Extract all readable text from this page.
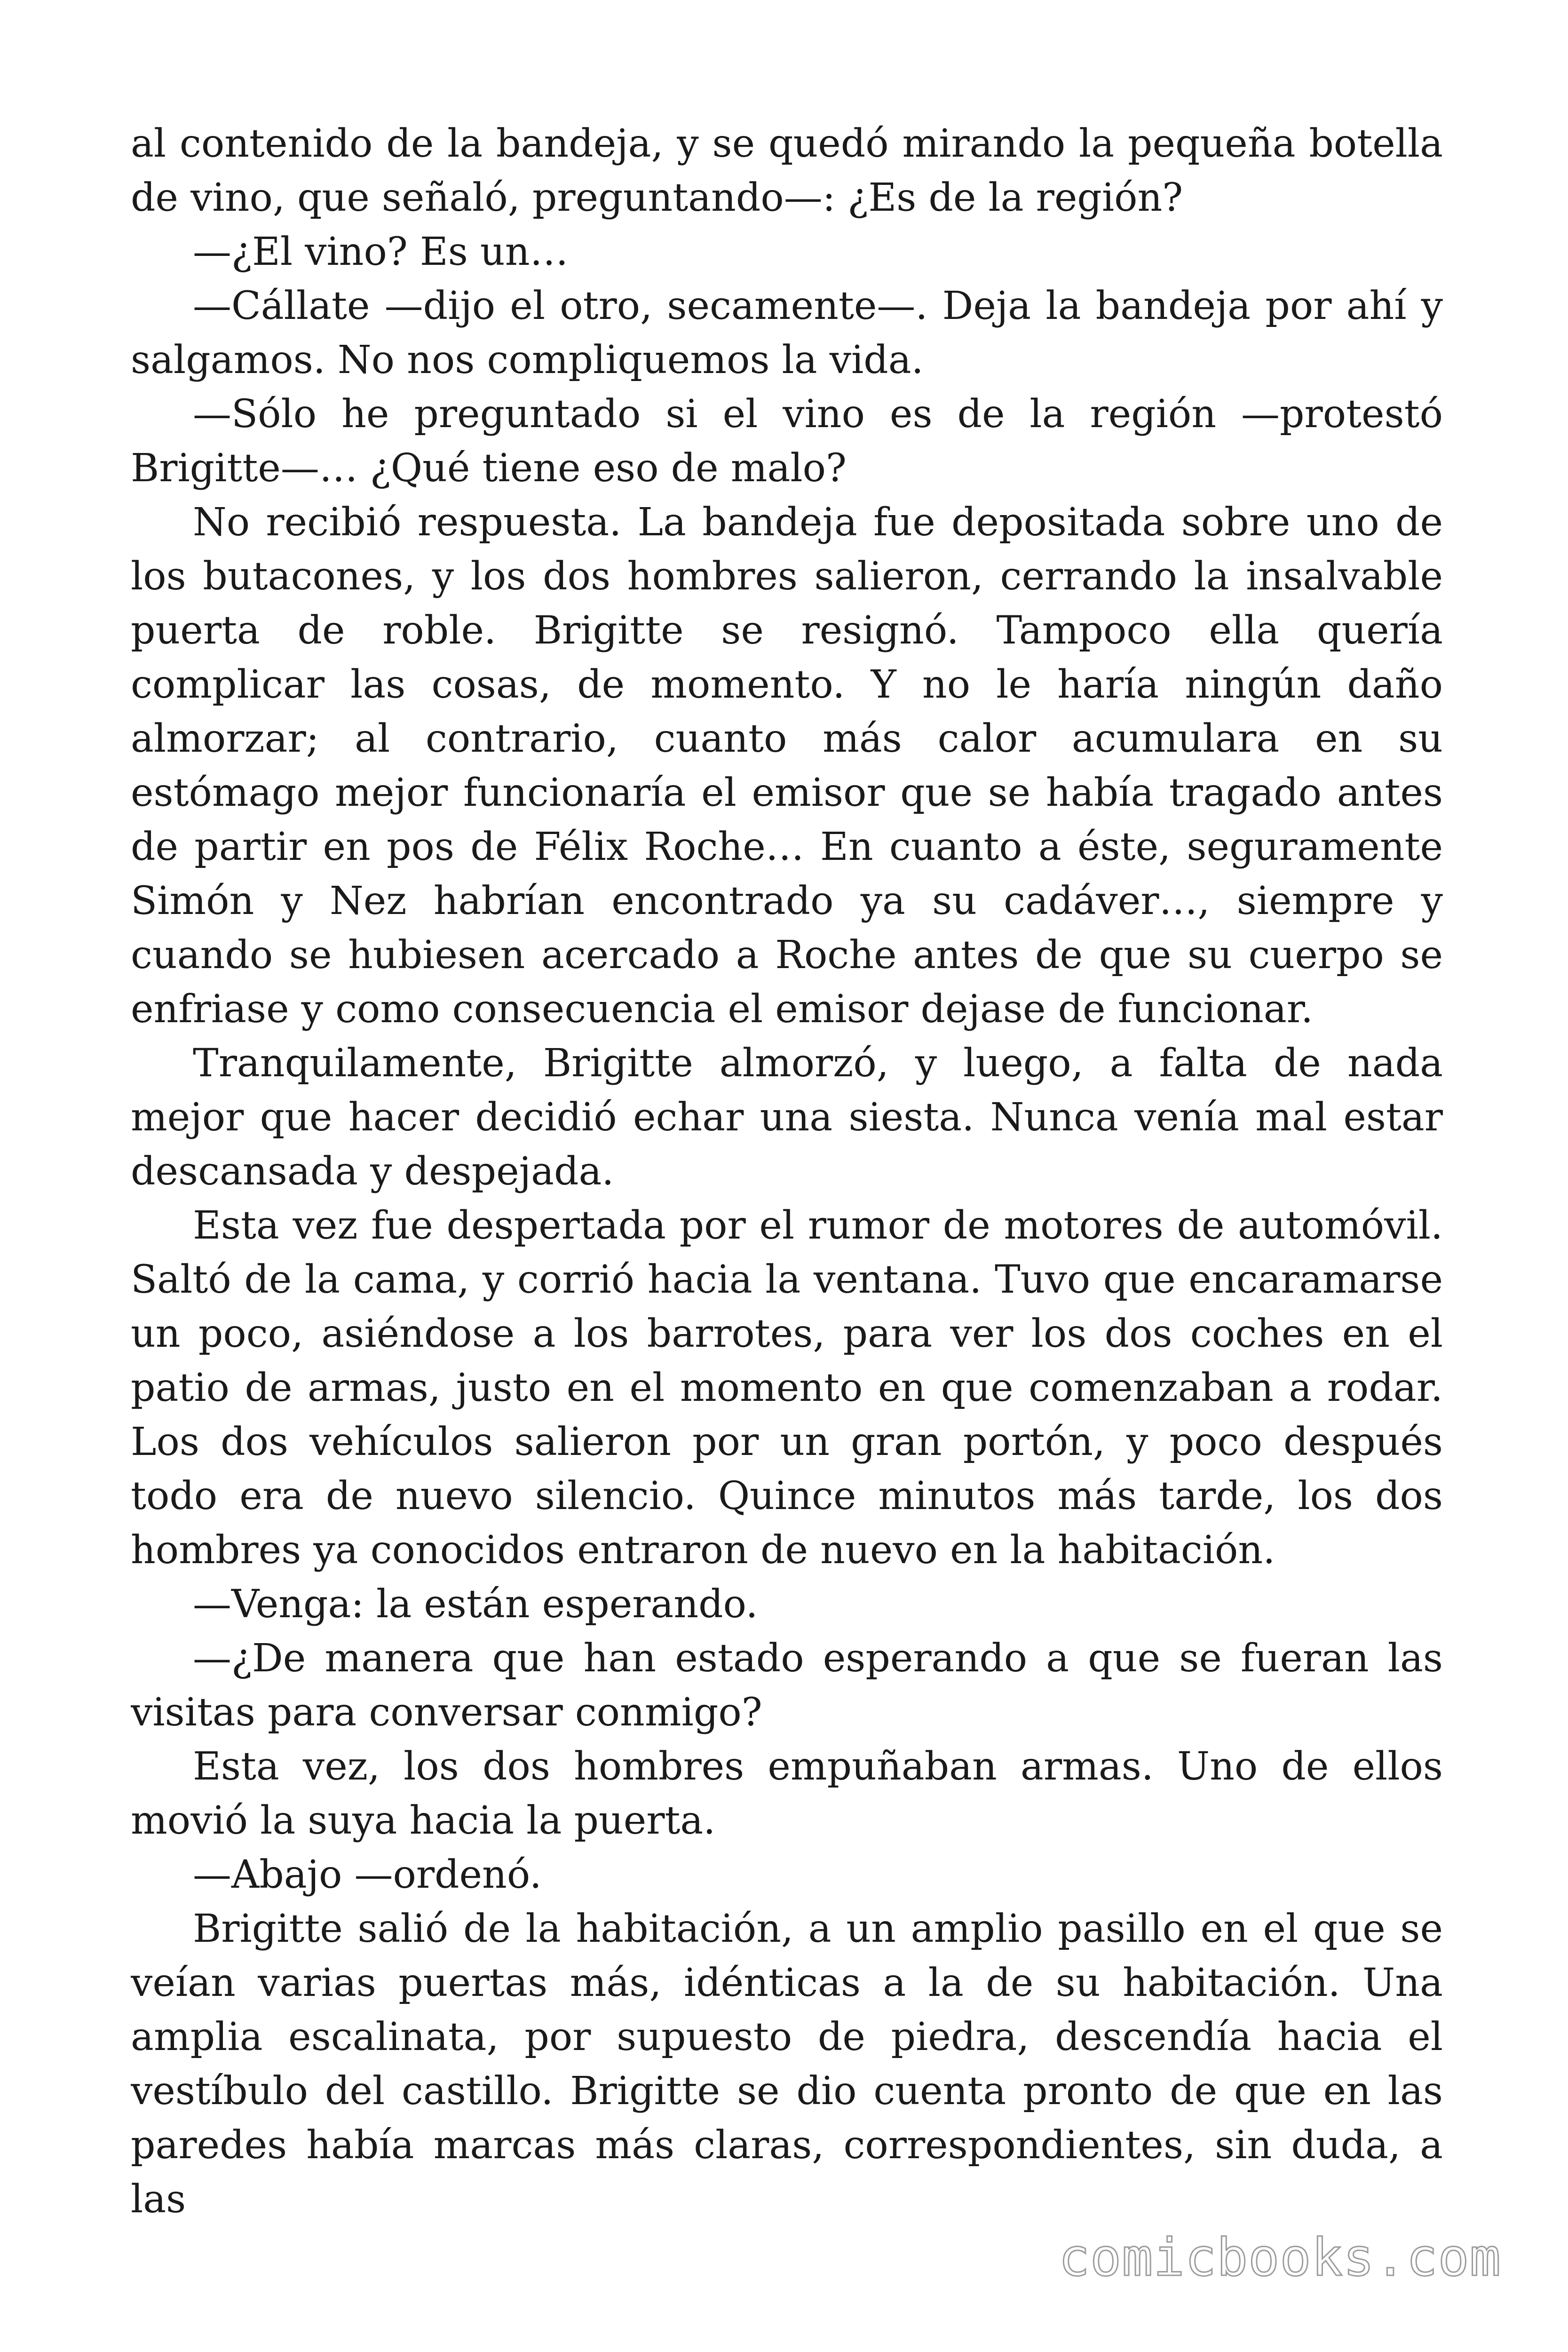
al contenido de la bandeja, y se quedó mirando la pequeña botella de vino, que señaló, preguntando—: ¿Es de la región?

—¿El vino? Es un…

—Cállate —dijo el otro, secamente—. Deja la bandeja por ahí y salgamos. No nos compliquemos la vida.

—Sólo he preguntado si el vino es de la región —protestó Brigitte—… ¿Qué tiene eso de malo?

No recibió respuesta. La bandeja fue depositada sobre uno de los butacones, y los dos hombres salieron, cerrando la insalvable puerta de roble. Brigitte se resignó. Tampoco ella quería complicar las cosas, de momento. Y no le haría ningún daño almorzar; al contrario, cuanto más calor acumulara en su estómago mejor funcionaría el emisor que se había tragado antes de partir en pos de Félix Roche… En cuanto a éste, seguramente Simón y Nez habrían encontrado ya su cadáver…, siempre y cuando se hubiesen acercado a Roche antes de que su cuerpo se enfriase y como consecuencia el emisor dejase de funcionar.

Tranquilamente, Brigitte almorzó, y luego, a falta de nada mejor que hacer decidió echar una siesta. Nunca venía mal estar descansada y despejada.

Esta vez fue despertada por el rumor de motores de automóvil. Saltó de la cama, y corrió hacia la ventana. Tuvo que encaramarse un poco, asiéndose a los barrotes, para ver los dos coches en el patio de armas, justo en el momento en que comenzaban a rodar. Los dos vehículos salieron por un gran portón, y poco después todo era de nuevo silencio. Quince minutos más tarde, los dos hombres ya conocidos entraron de nuevo en la habitación.

—Venga: la están esperando.

—¿De manera que han estado esperando a que se fueran las visitas para conversar conmigo?

Esta vez, los dos hombres empuñaban armas. Uno de ellos movió la suya hacia la puerta.

—Abajo —ordenó.

Brigitte salió de la habitación, a un amplio pasillo en el que se veían varias puertas más, idénticas a la de su habitación. Una amplia escalinata, por supuesto de piedra, descendía hacia el vestíbulo del castillo. Brigitte se dio cuenta pronto de que en las paredes había marcas más claras, correspondientes, sin duda, a las

comicbooks.com
